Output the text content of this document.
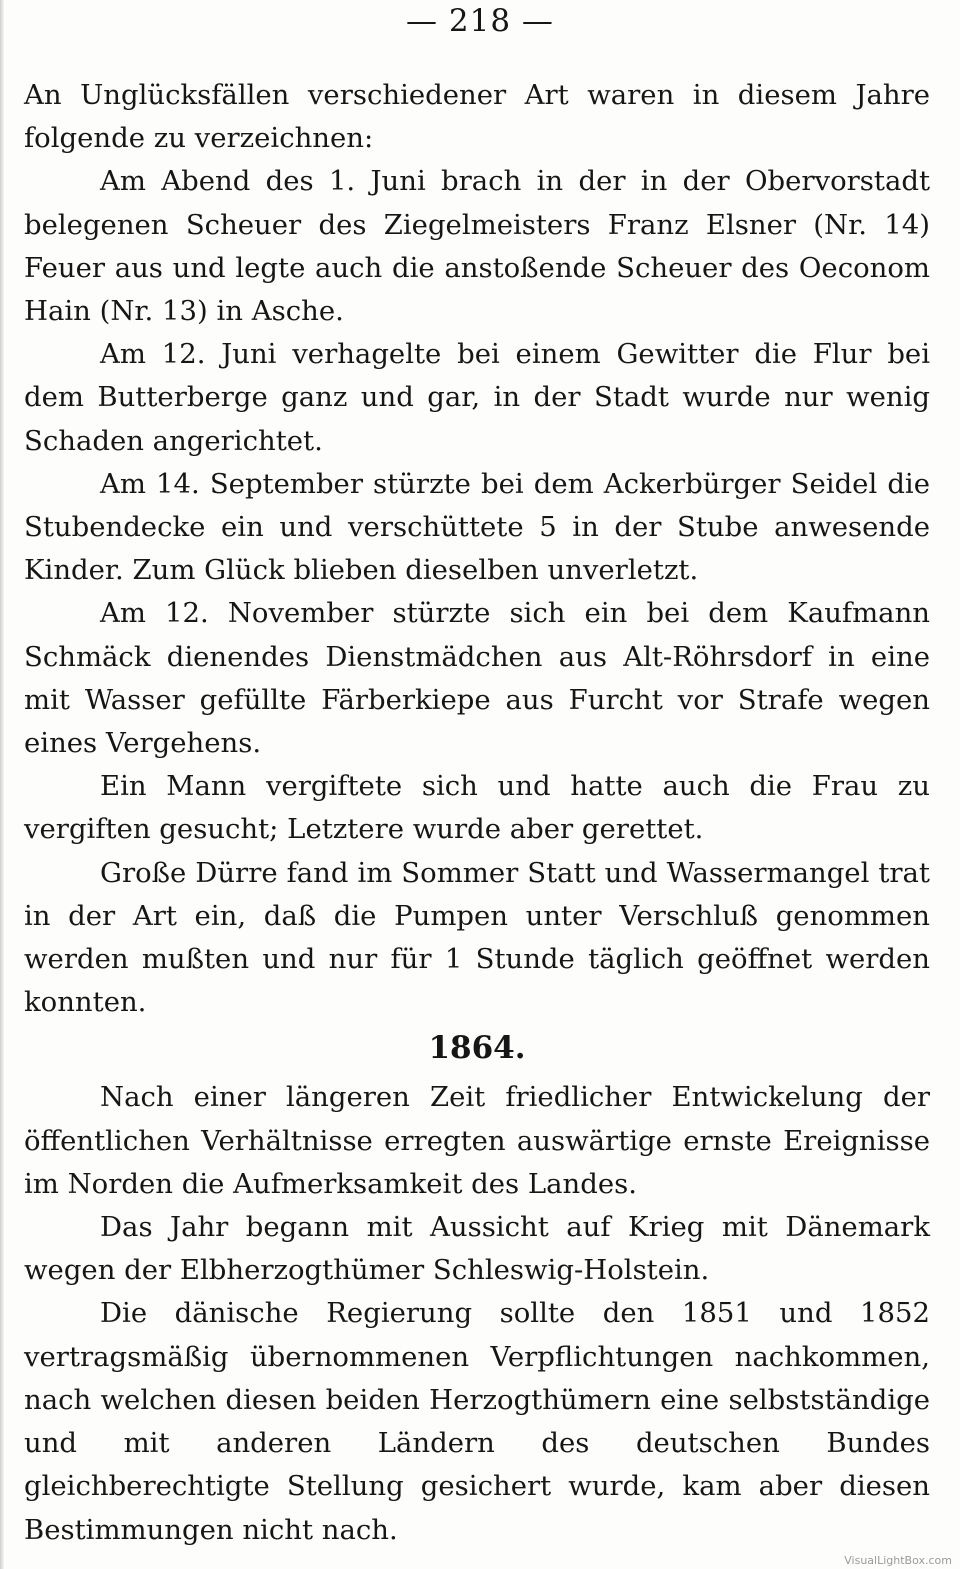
— 218 —

An Unglücksfällen verschiedener Art waren in diesem Jahre folgende zu verzeichnen:

Am Abend des 1. Juni brach in der in der Obervorstadt belegenen Scheuer des Ziegelmeisters Franz Elsner (Nr. 14) Feuer aus und legte auch die anstoßende Scheuer des Oeconom Hain (Nr. 13) in Asche.

Am 12. Juni verhagelte bei einem Gewitter die Flur bei dem Butterberge ganz und gar, in der Stadt wurde nur wenig Schaden angerichtet.

Am 14. September stürzte bei dem Ackerbürger Seidel die Stubendecke ein und verschüttete 5 in der Stube anwesende Kinder. Zum Glück blieben dieselben unverletzt.

Am 12. November stürzte sich ein bei dem Kaufmann Schmäck dienendes Dienstmädchen aus Alt-Röhrsdorf in eine mit Wasser gefüllte Färberkiepe aus Furcht vor Strafe wegen eines Vergehens.

Ein Mann vergiftete sich und hatte auch die Frau zu vergiften gesucht; Letztere wurde aber gerettet.

Große Dürre fand im Sommer Statt und Wassermangel trat in der Art ein, daß die Pumpen unter Verschluß genommen werden mußten und nur für 1 Stunde täglich geöffnet werden konnten.

1864.

Nach einer längeren Zeit friedlicher Entwickelung der öffentlichen Verhältnisse erregten auswärtige ernste Ereignisse im Norden die Aufmerksamkeit des Landes.

Das Jahr begann mit Aussicht auf Krieg mit Dänemark wegen der Elbherzogthümer Schleswig-Holstein.

Die dänische Regierung sollte den 1851 und 1852 vertragsmäßig übernommenen Verpflichtungen nachkommen, nach welchen diesen beiden Herzogthümern eine selbstständige und mit anderen Ländern des deutschen Bundes gleichberechtigte Stellung gesichert wurde, kam aber diesen Bestimmungen nicht nach.

VisualLightBox.com
